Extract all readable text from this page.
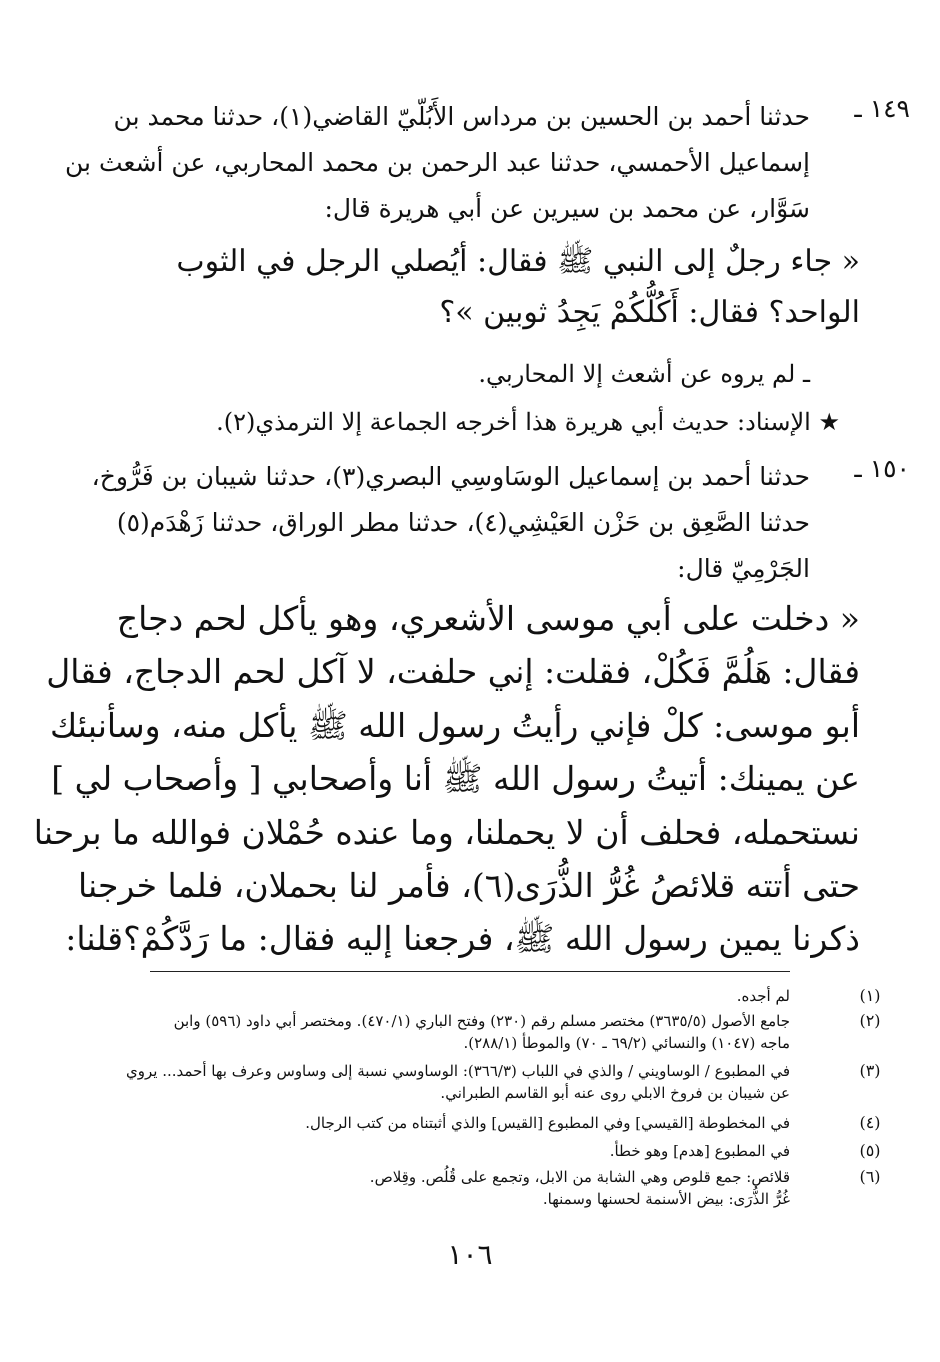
١٤٩ ـ
حدثنا أحمد بن الحسين بن مرداس الأَبُلّيّ القاضي(١)، حدثنا محمد بن
إسماعيل الأحمسي، حدثنا عبد الرحمن بن محمد المحاربي، عن أشعث بن
سَوَّار، عن محمد بن سيرين عن أبي هريرة قال:
« جاء رجلٌ إلى النبي ﷺ فقال: أيُصلي الرجل في الثوب
الواحد؟ فقال: أَكُلُّكُمْ يَجِدُ ثوبين »؟
ـ لم يروه عن أشعث إلا المحاربي.
★ الإسناد: حديث أبي هريرة هذا أخرجه الجماعة إلا الترمذي(٢).
١٥٠ ـ
حدثنا أحمد بن إسماعيل الوسَاوسِي البصري(٣)، حدثنا شيبان بن فَرُّوخ،
حدثنا الصَّعِق بن حَزْن العَيْشِي(٤)، حدثنا مطر الوراق، حدثنا زَهْدَم(٥)
الجَرْمِيّ قال:
« دخلت على أبي موسى الأشعري، وهو يأكل لحم دجاج
فقال: هَلُمَّ فَكُلْ، فقلت: إني حلفت، لا آكل لحم الدجاج، فقال
أبو موسى: كلْ فإني رأيتُ رسول الله ﷺ يأكل منه، وسأنبئك
عن يمينك: أتيتُ رسول الله ﷺ أنا وأصحابي [ وأصحاب لي ]
نستحمله، فحلف أن لا يحملنا، وما عنده حُمْلان فوالله ما برحنا
حتى أتته قلائصُ غُرُّ الذُّرَى(٦)، فأمر لنا بحملان، فلما خرجنا
ذكرنا يمين رسول الله ﷺ، فرجعنا إليه فقال: ما رَدَّكُمْ؟قلنا:
(١)
لم أجده.
(٢)
جامع الأصول (٣٦٣٥/٥) مختصر مسلم رقم (٢٣٠) وفتح الباري (٤٧٠/١). ومختصر أبي داود (٥٩٦) وابن
ماجه (١٠٤٧) والنسائي (٦٩/٢ ـ ٧٠) والموطأ (٢٨٨/١).
(٣)
في المطبوع / الوساويني / والذي في اللباب (٣٦٦/٣): الوساوسي نسبة إلى وساوس وعرف بها أحمد... يروي
عن شيبان بن فروخ الابلي روى عنه أبو القاسم الطبراني.
(٤)
في المخطوطة [القيسي] وفي المطبوع [القيس] والذي أثبتناه من كتب الرجال.
(٥)
في المطبوع [هدم] وهو خطأ.
(٦)
قلائص: جمع قلوص وهي الشابة من الابل، وتجمع على قُلُص. وقِلاص.
غُرُّ الذُّرَى: بيض الأسنمة لحسنها وسمنها.
١٠٦
